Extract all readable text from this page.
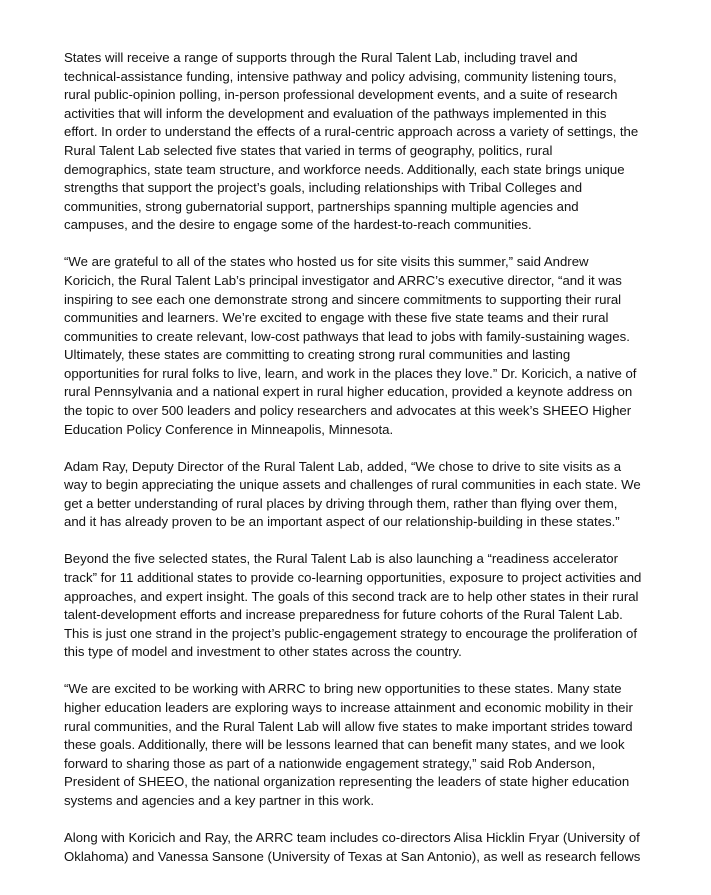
States will receive a range of supports through the Rural Talent Lab, including travel and
technical-assistance funding, intensive pathway and policy advising, community listening tours,
rural public-opinion polling, in-person professional development events, and a suite of research
activities that will inform the development and evaluation of the pathways implemented in this
effort. In order to understand the effects of a rural-centric approach across a variety of settings, the
Rural Talent Lab selected five states that varied in terms of geography, politics, rural
demographics, state team structure, and workforce needs. Additionally, each state brings unique
strengths that support the project’s goals, including relationships with Tribal Colleges and
communities, strong gubernatorial support, partnerships spanning multiple agencies and
campuses, and the desire to engage some of the hardest-to-reach communities.

“We are grateful to all of the states who hosted us for site visits this summer,” said Andrew
Koricich, the Rural Talent Lab’s principal investigator and ARRC’s executive director, “and it was
inspiring to see each one demonstrate strong and sincere commitments to supporting their rural
communities and learners. We’re excited to engage with these five state teams and their rural
communities to create relevant, low-cost pathways that lead to jobs with family-sustaining wages.
Ultimately, these states are committing to creating strong rural communities and lasting
opportunities for rural folks to live, learn, and work in the places they love.” Dr. Koricich, a native of
rural Pennsylvania and a national expert in rural higher education, provided a keynote address on
the topic to over 500 leaders and policy researchers and advocates at this week’s SHEEO Higher
Education Policy Conference in Minneapolis, Minnesota.

Adam Ray, Deputy Director of the Rural Talent Lab, added, “We chose to drive to site visits as a
way to begin appreciating the unique assets and challenges of rural communities in each state. We
get a better understanding of rural places by driving through them, rather than flying over them,
and it has already proven to be an important aspect of our relationship-building in these states.”

Beyond the five selected states, the Rural Talent Lab is also launching a “readiness accelerator
track” for 11 additional states to provide co-learning opportunities, exposure to project activities and
approaches, and expert insight. The goals of this second track are to help other states in their rural
talent-development efforts and increase preparedness for future cohorts of the Rural Talent Lab.
This is just one strand in the project’s public-engagement strategy to encourage the proliferation of
this type of model and investment to other states across the country.

“We are excited to be working with ARRC to bring new opportunities to these states. Many state
higher education leaders are exploring ways to increase attainment and economic mobility in their
rural communities, and the Rural Talent Lab will allow five states to make important strides toward
these goals. Additionally, there will be lessons learned that can benefit many states, and we look
forward to sharing those as part of a nationwide engagement strategy,” said Rob Anderson,
President of SHEEO, the national organization representing the leaders of state higher education
systems and agencies and a key partner in this work.

Along with Koricich and Ray, the ARRC team includes co-directors Alisa Hicklin Fryar (University of
Oklahoma) and Vanessa Sansone (University of Texas at San Antonio), as well as research fellows
